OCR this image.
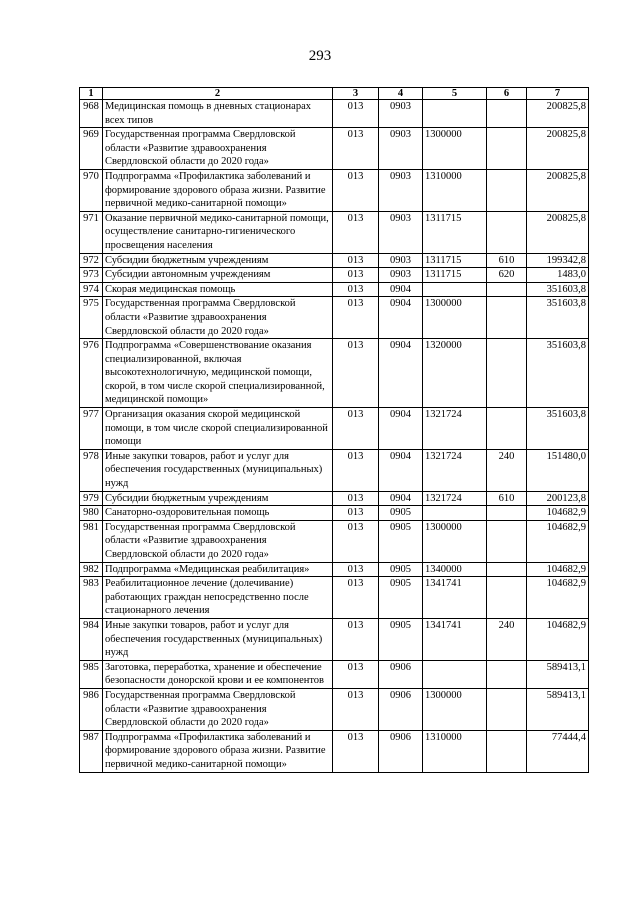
293
1	2	3	4	5	6	7
968	Медицинская помощь в дневных стационарах всех типов	013	0903			200825,8
969	Государственная программа Свердловской области «Развитие здравоохранения Свердловской области до 2020 года»	013	0903	1300000		200825,8
970	Подпрограмма «Профилактика заболеваний и формирование здорового образа жизни. Развитие первичной медико-санитарной помощи»	013	0903	1310000		200825,8
971	Оказание первичной медико-санитарной помощи, осуществление санитарно-гигиенического просвещения населения	013	0903	1311715		200825,8
972	Субсидии бюджетным учреждениям	013	0903	1311715	610	199342,8
973	Субсидии автономным учреждениям	013	0903	1311715	620	1483,0
974	Скорая медицинская помощь	013	0904			351603,8
975	Государственная программа Свердловской области «Развитие здравоохранения Свердловской области до 2020 года»	013	0904	1300000		351603,8
976	Подпрограмма «Совершенствование оказания специализированной, включая высокотехнологичную, медицинской помощи, скорой, в том числе скорой специализированной, медицинской помощи»	013	0904	1320000		351603,8
977	Организация оказания скорой медицинской помощи, в том числе скорой специализированной помощи	013	0904	1321724		351603,8
978	Иные закупки товаров, работ и услуг для обеспечения государственных (муниципальных) нужд	013	0904	1321724	240	151480,0
979	Субсидии бюджетным учреждениям	013	0904	1321724	610	200123,8
980	Санаторно-оздоровительная помощь	013	0905			104682,9
981	Государственная программа Свердловской области «Развитие здравоохранения Свердловской области до 2020 года»	013	0905	1300000		104682,9
982	Подпрограмма «Медицинская реабилитация»	013	0905	1340000		104682,9
983	Реабилитационное лечение (долечивание) работающих граждан непосредственно после стационарного лечения	013	0905	1341741		104682,9
984	Иные закупки товаров, работ и услуг для обеспечения государственных (муниципальных) нужд	013	0905	1341741	240	104682,9
985	Заготовка, переработка, хранение и обеспечение безопасности донорской крови и ее компонентов	013	0906			589413,1
986	Государственная программа Свердловской области «Развитие здравоохранения Свердловской области до 2020 года»	013	0906	1300000		589413,1
987	Подпрограмма «Профилактика заболеваний и формирование здорового образа жизни. Развитие первичной медико-санитарной помощи»	013	0906	1310000		77444,4
